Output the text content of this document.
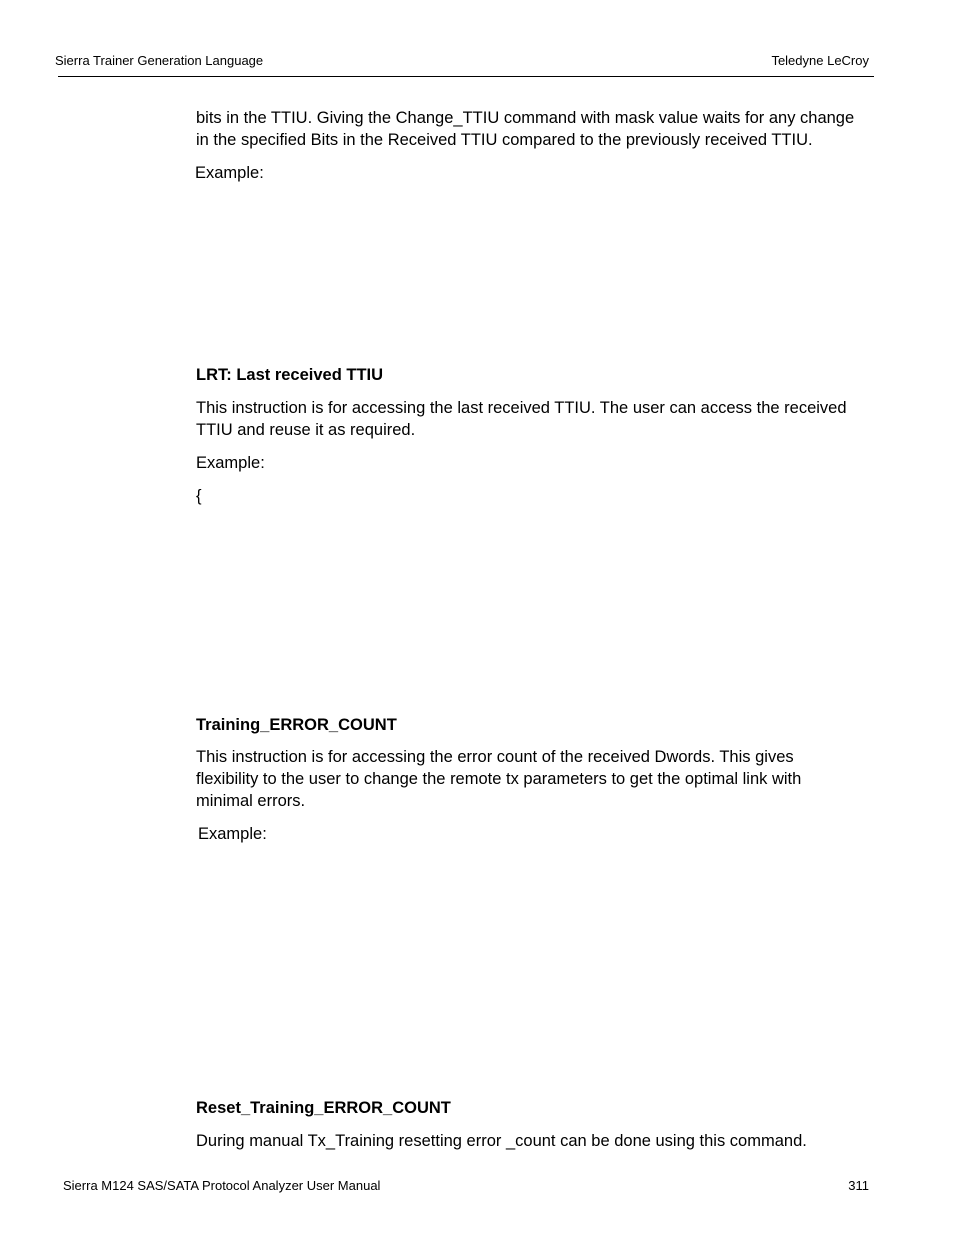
Sierra Trainer Generation Language	Teledyne LeCroy
bits in the TTIU. Giving the Change_TTIU command with mask value waits for any change
in the specified Bits in the Received TTIU compared to the previously received TTIU.
Example:
LRT: Last received TTIU
This instruction is for accessing the last received TTIU. The user can access the received
TTIU and reuse it as required.
Example:
{
Training_ERROR_COUNT
This instruction is for accessing the error count of the received Dwords. This gives
flexibility to the user to change the remote tx parameters to get the optimal link with
minimal errors.
Example:
Reset_Training_ERROR_COUNT
During manual Tx_Training resetting error _count can be done using this command.
Sierra M124 SAS/SATA Protocol Analyzer User Manual	311
